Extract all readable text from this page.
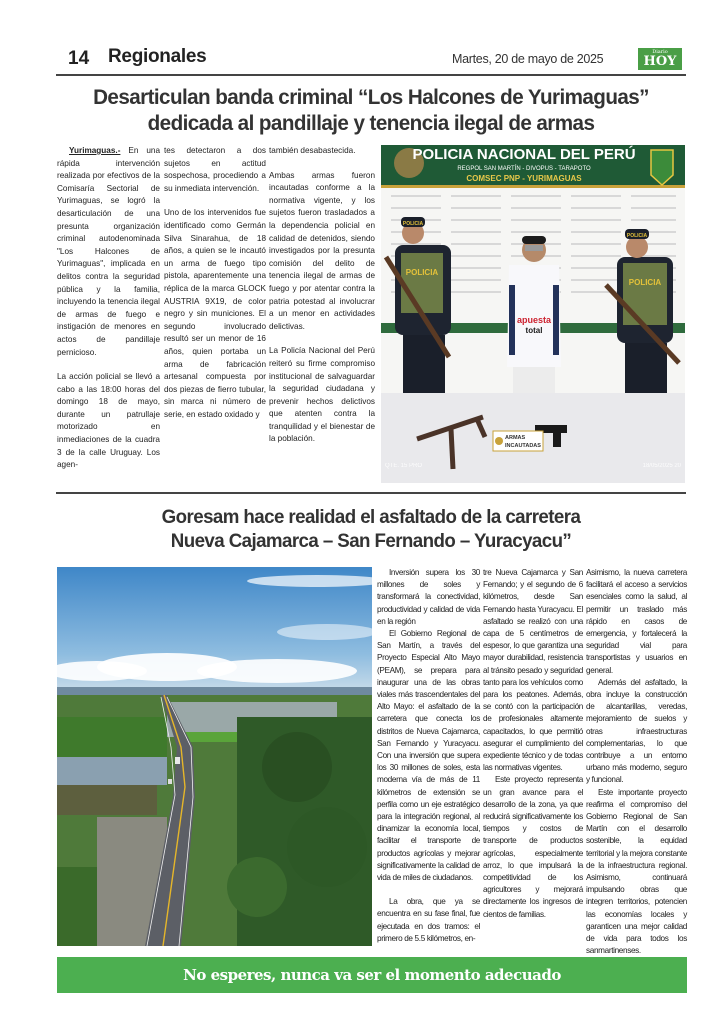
14 Regionales	Martes, 20 de mayo de 2025	Diario
HOY
Desarticulan banda criminal “Los Halcones de Yurimaguas”
dedicada al pandillaje y tenencia ilegal de armas

Yurimaguas.- En una rápida intervención realizada por efectivos de la Comisaría Sectorial de Yurimaguas, se logró la desarticulación de una presunta organización criminal autodenominada "Los Halcones de Yurimaguas", implicada en delitos contra la seguridad pública y la familia, incluyendo la tenencia ilegal de armas de fuego e instigación de menores en actos de pandillaje pernicioso.

La acción policial se llevó a cabo a las 18:00 horas del domingo 18 de mayo, durante un patrullaje motorizado en inmediaciones de la cuadra 3 de la calle Uruguay. Los agen-

tes detectaron a dos sujetos en actitud sospechosa, procediendo a su inmediata intervención.

Uno de los intervenidos fue identificado como Germán Silva Sinarahua, de 18 años, a quien se le incautó un arma de fuego tipo pistola, aparentemente una réplica de la marca GLOCK AUSTRIA 9X19, de color negro y sin municiones. El segundo involucrado resultó ser un menor de 16 años, quien portaba un arma de fabricación artesanal compuesta por dos piezas de fierro tubular, sin marca ni número de serie, en estado oxidado y

también desabastecida.

Ambas armas fueron incautadas conforme a la normativa vigente, y los sujetos fueron trasladados a la dependencia policial en calidad de detenidos, siendo investigados por la presunta comisión del delito de tenencia ilegal de armas de fuego y por atentar contra la patria potestad al involucrar a un menor en actividades delictivas.

La Policía Nacional del Perú reiteró su firme compromiso institucional de salvaguardar la seguridad ciudadana y prevenir hechos delictivos que atenten contra la tranquilidad y el bienestar de la población.

POLICIA NACIONAL DEL PERÚ
REGPOL SAN MARTÍN - DIVOPUS - TARAPOTO
COMSEC PNP - YURIMAGUAS
POLICIA
POLICIA
apuesta
total
POLICIA
POLICIA
ARMAS
INCAUTADAS
QTE. 15 PRO	18/05/2025 20
Goresam hace realidad el asfaltado de la carretera
Nueva Cajamarca – San Fernando – Yuracyacu”

Inversión supera los 30 millones de soles y transformará la conectividad, productividad y calidad de vida en la región

El Gobierno Regional de San Martín, a través del Proyecto Especial Alto Mayo (PEAM), se prepara para inaugurar una de las obras viales más trascendentales del Alto Mayo: el asfaltado de la carretera que conecta los distritos de Nueva Cajamarca, San Fernando y Yuracyacu. Con una inversión que supera los 30 millones de soles, esta moderna vía de más de 11 kilómetros de extensión se perfila como un eje estratégico para la integración regional, al dinamizar la economía local, facilitar el transporte de productos agrícolas y mejorar significativamente la calidad de vida de miles de ciudadanos.

La obra, que ya se encuentra en su fase final, fue ejecutada en dos tramos: el primero de 5.5 kilómetros, en-

tre Nueva Cajamarca y San Fernando; y el segundo de 6 kilómetros, desde San Fernando hasta Yuracyacu. El asfaltado se realizó con una capa de 5 centímetros de espesor, lo que garantiza una mayor durabilidad, resistencia al tránsito pesado y seguridad tanto para los vehículos como para los peatones. Además, se contó con la participación de profesionales altamente capacitados, lo que permitió asegurar el cumplimiento del expediente técnico y de todas las normativas vigentes.

Este proyecto representa un gran avance para el desarrollo de la zona, ya que reducirá significativamente los tiempos y costos de transporte de productos agrícolas, especialmente arroz, lo que impulsará la competitividad de los agricultores y mejorará directamente los ingresos de cientos de familias.

Asimismo, la nueva carretera facilitará el acceso a servicios esenciales como la salud, al permitir un traslado más rápido en casos de emergencia, y fortalecerá la seguridad vial para transportistas y usuarios en general.

Además del asfaltado, la obra incluye la construcción de alcantarillas, veredas, mejoramiento de suelos y otras infraestructuras complementarias, lo que contribuye a un entorno urbano más moderno, seguro y funcional.

Este importante proyecto reafirma el compromiso del Gobierno Regional de San Martín con el desarrollo sostenible, la equidad territorial y la mejora constante de la infraestructura regional. Asimismo, continuará impulsando obras que integren territorios, potencien las economías locales y garanticen una mejor calidad de vida para todos los sanmartinenses.

No esperes, nunca va ser el momento adecuado
